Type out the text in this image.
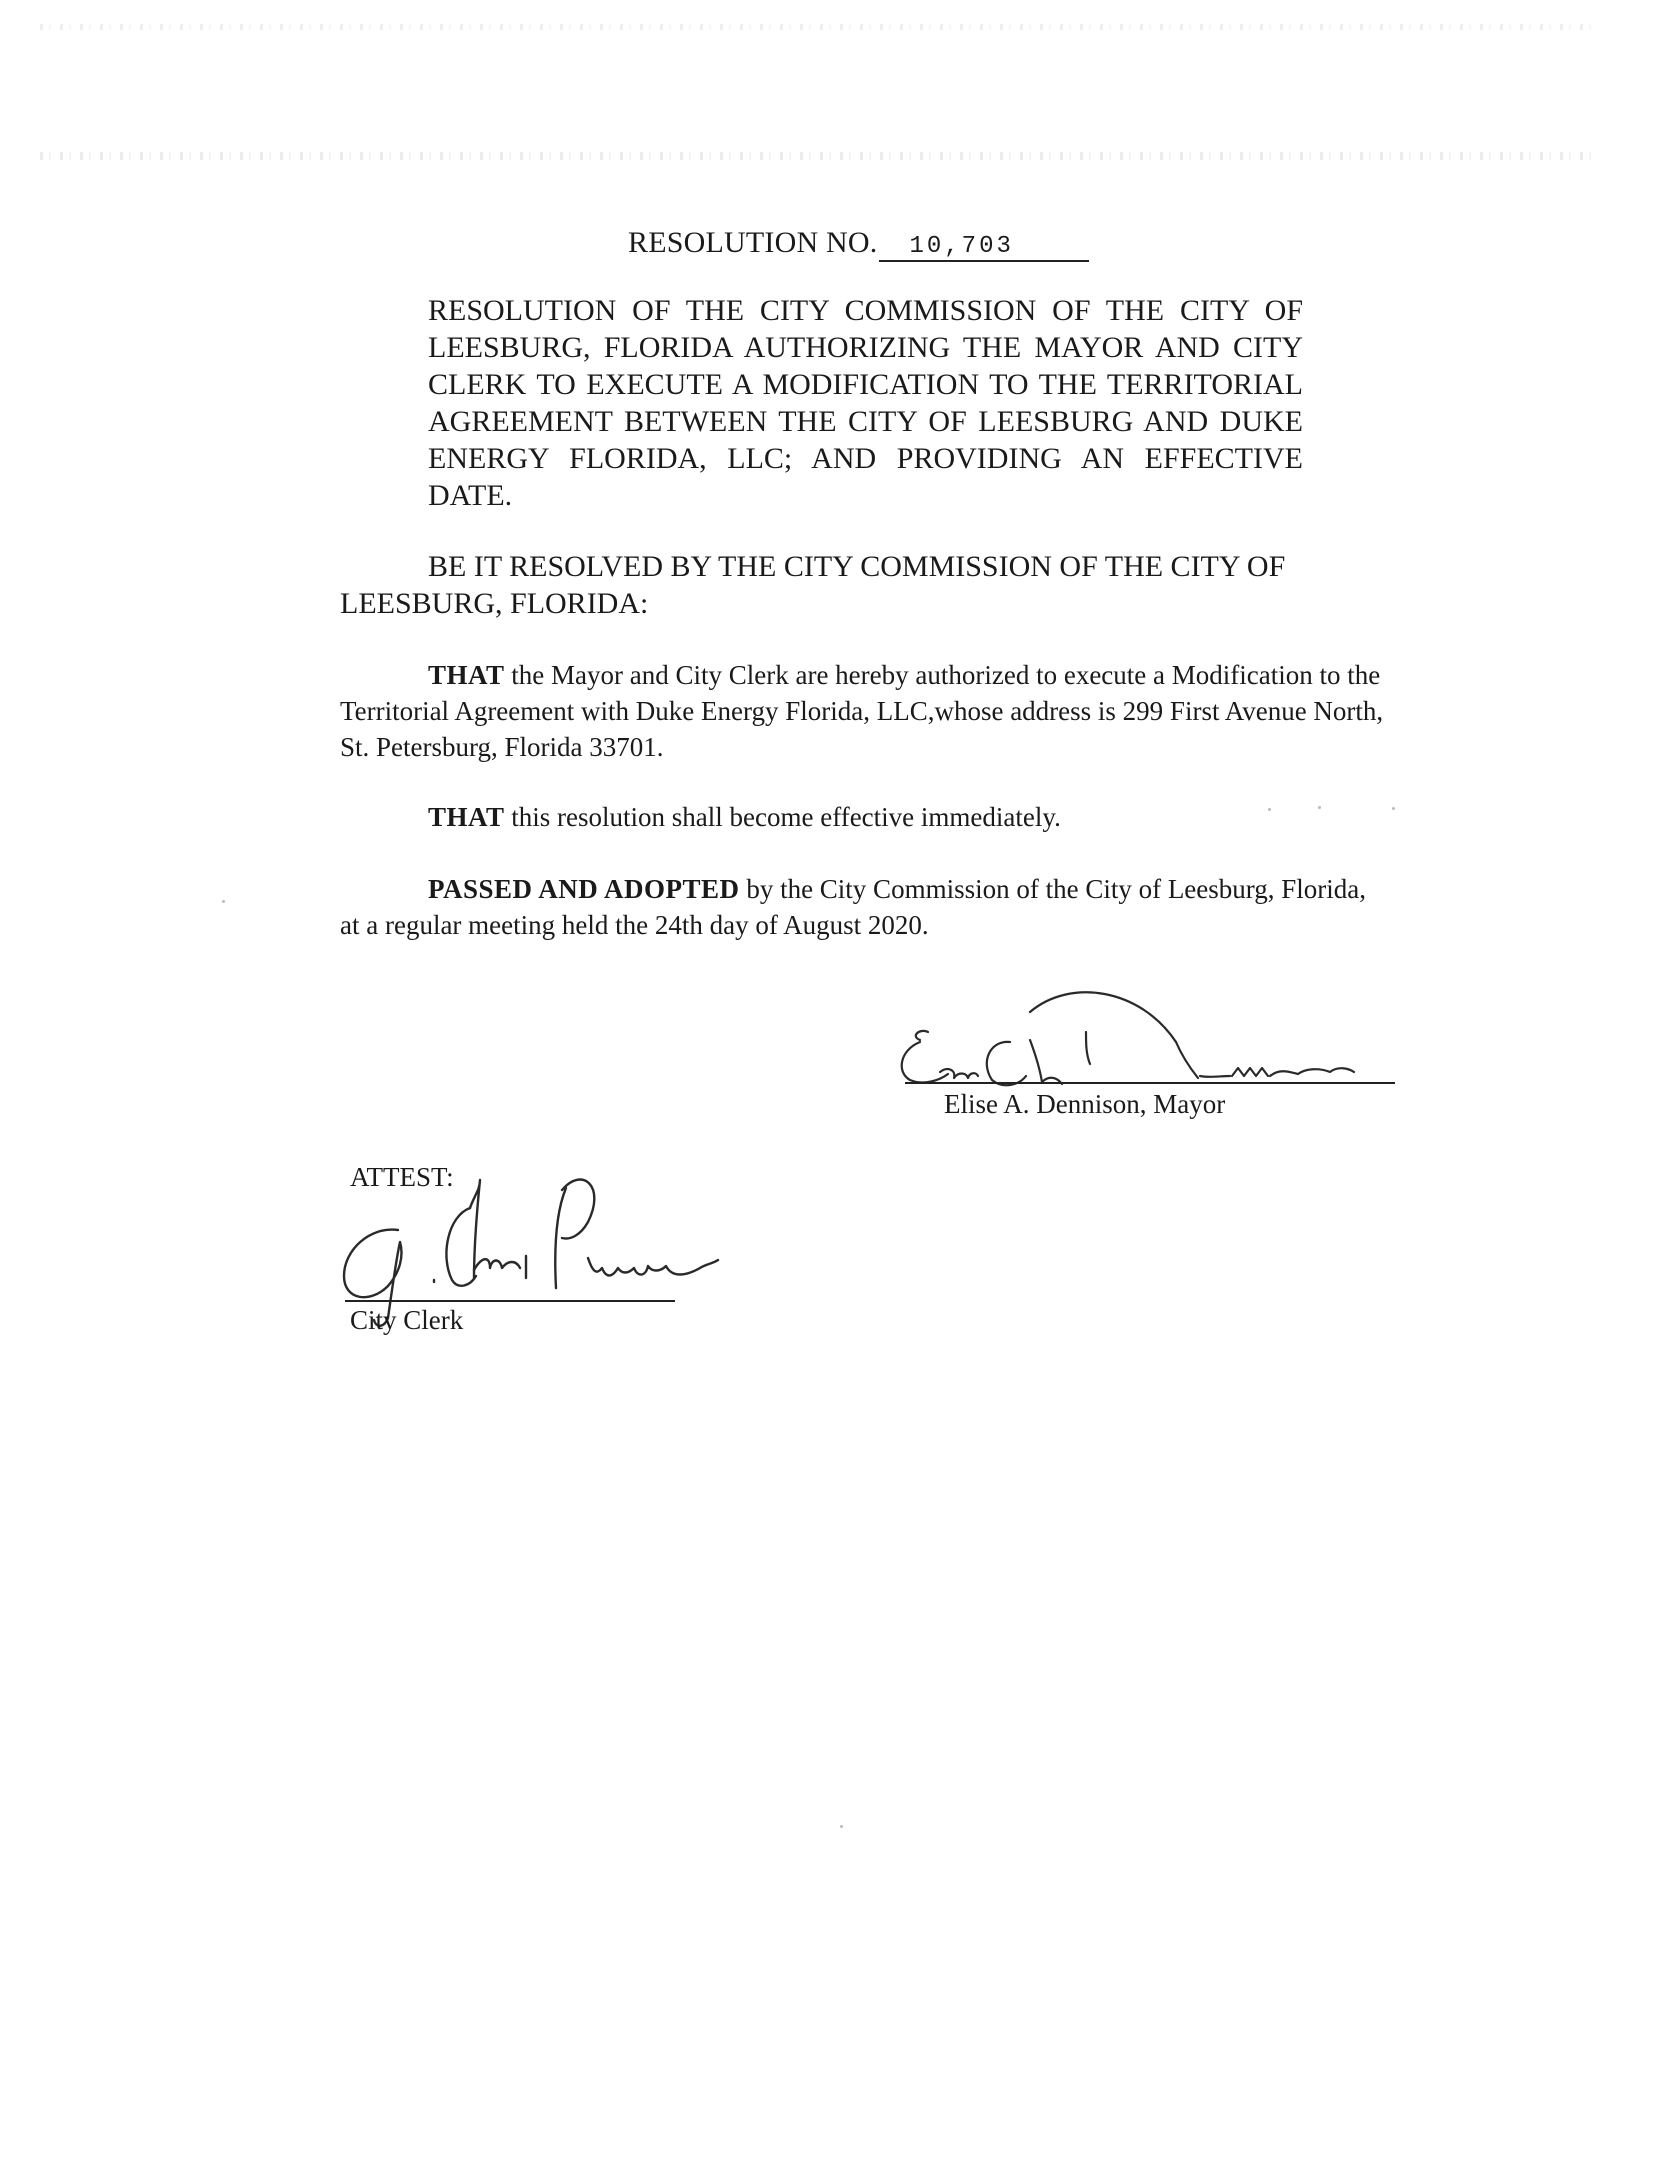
RESOLUTION NO. 10,703
RESOLUTION OF THE CITY COMMISSION OF THE CITY OF LEESBURG, FLORIDA AUTHORIZING THE MAYOR AND CITY CLERK TO EXECUTE A MODIFICATION TO THE TERRITORIAL AGREEMENT BETWEEN THE CITY OF LEESBURG AND DUKE ENERGY FLORIDA, LLC; AND PROVIDING AN EFFECTIVE DATE.
BE IT RESOLVED BY THE CITY COMMISSION OF THE CITY OF LEESBURG, FLORIDA:
THAT the Mayor and City Clerk are hereby authorized to execute a Modification to the Territorial Agreement with Duke Energy Florida, LLC,whose address is 299 First Avenue North, St. Petersburg, Florida 33701.
THAT this resolution shall become effective immediately.
PASSED AND ADOPTED by the City Commission of the City of Leesburg, Florida, at a regular meeting held the 24th day of August 2020.
Elise A. Dennison, Mayor
ATTEST:
City Clerk
